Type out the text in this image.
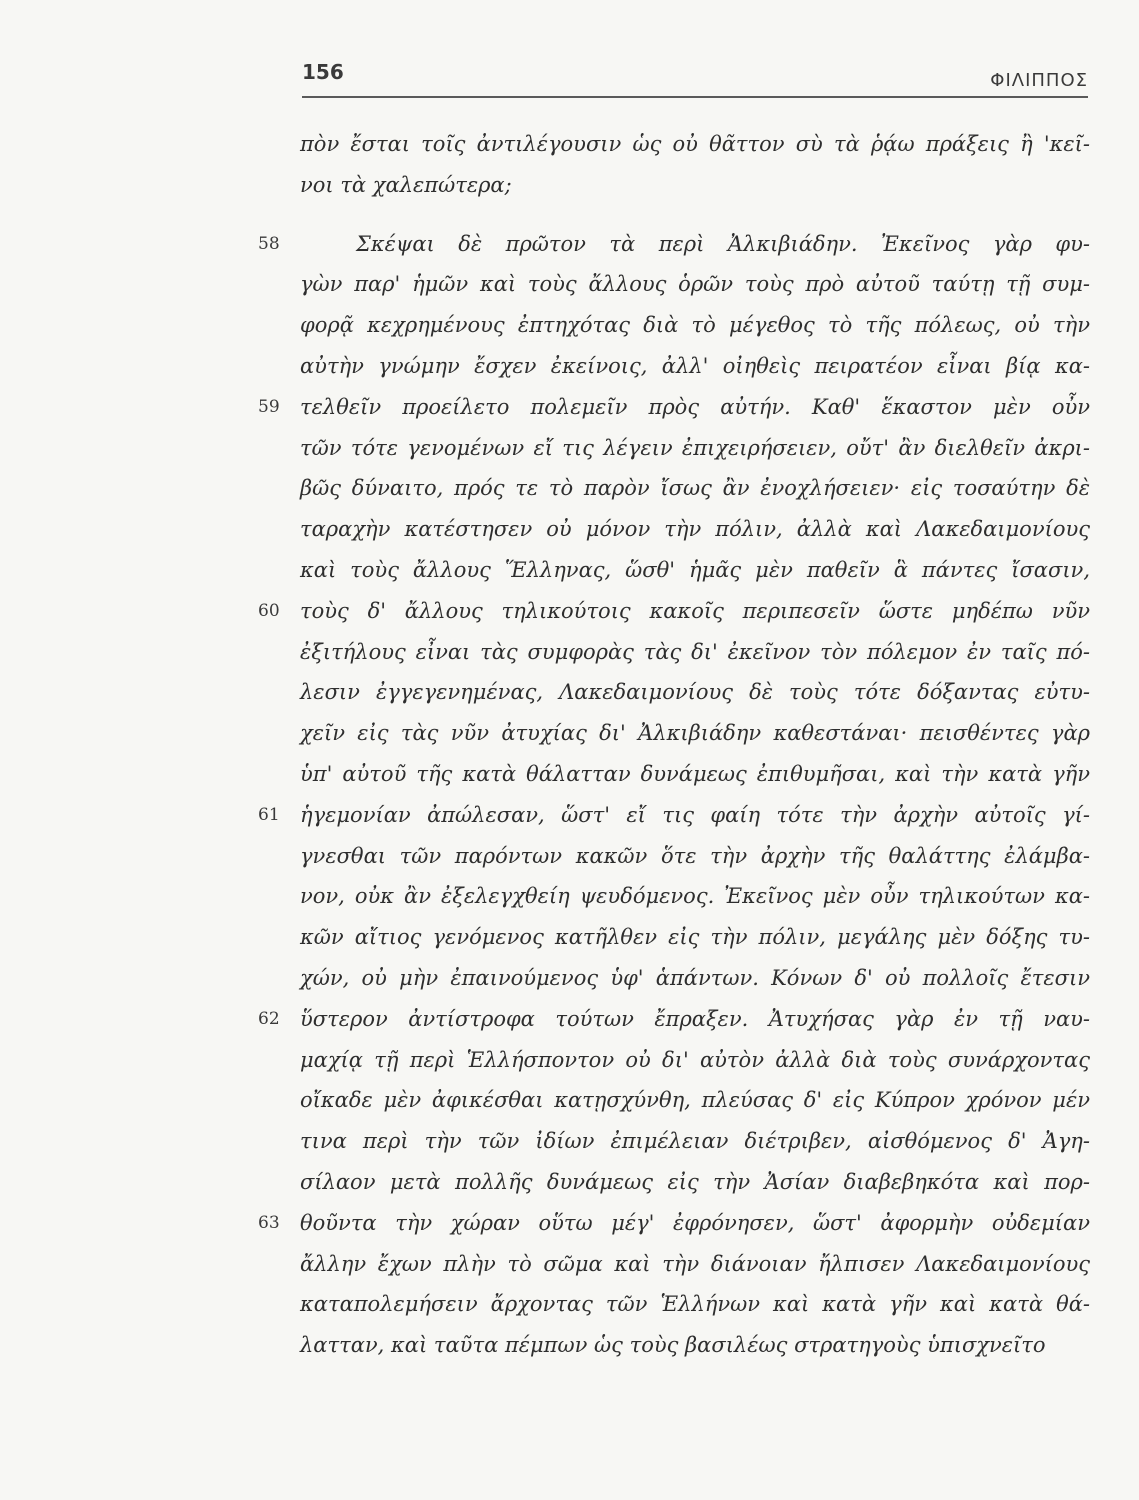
156	ΦΙΛΙΠΠΟΣ
πὸν ἔσται τοῖς ἀντιλέγουσιν ὡς οὐ θᾶττον σὺ τὰ ῥᾴω πράξεις ἢ 'κεῖ-
νοι τὰ χαλεπώτερα;
Σκέψαι δὲ πρῶτον τὰ περὶ Ἀλκιβιάδην. Ἐκεῖνος γὰρ φυ-
γὼν παρ' ἡμῶν καὶ τοὺς ἄλλους ὁρῶν τοὺς πρὸ αὐτοῦ ταύτῃ τῇ συμ-
φορᾷ κεχρημένους ἐπτηχότας διὰ τὸ μέγεθος τὸ τῆς πόλεως, οὐ τὴν
αὐτὴν γνώμην ἔσχεν ἐκείνοις, ἀλλ' οἰηθεὶς πειρατέον εἶναι βίᾳ κα-
τελθεῖν προείλετο πολεμεῖν πρὸς αὐτήν. Καθ' ἕκαστον μὲν οὖν
τῶν τότε γενομένων εἴ τις λέγειν ἐπιχειρήσειεν, οὔτ' ἂν διελθεῖν ἀκρι-
βῶς δύναιτο, πρός τε τὸ παρὸν ἴσως ἂν ἐνοχλήσειεν· εἰς τοσαύτην δὲ
ταραχὴν κατέστησεν οὐ μόνον τὴν πόλιν, ἀλλὰ καὶ Λακεδαιμονίους
καὶ τοὺς ἄλλους Ἕλληνας, ὥσθ' ἡμᾶς μὲν παθεῖν ἃ πάντες ἴσασιν,
τοὺς δ' ἄλλους τηλικούτοις κακοῖς περιπεσεῖν ὥστε μηδέπω νῦν
ἐξιτήλους εἶναι τὰς συμφορὰς τὰς δι' ἐκεῖνον τὸν πόλεμον ἐν ταῖς πό-
λεσιν ἐγγεγενημένας, Λακεδαιμονίους δὲ τοὺς τότε δόξαντας εὐτυ-
χεῖν εἰς τὰς νῦν ἀτυχίας δι' Ἀλκιβιάδην καθεστάναι· πεισθέντες γὰρ
ὑπ' αὐτοῦ τῆς κατὰ θάλατταν δυνάμεως ἐπιθυμῆσαι, καὶ τὴν κατὰ γῆν
ἡγεμονίαν ἀπώλεσαν, ὥστ' εἴ τις φαίη τότε τὴν ἀρχὴν αὐτοῖς γί-
γνεσθαι τῶν παρόντων κακῶν ὅτε τὴν ἀρχὴν τῆς θαλάττης ἐλάμβα-
νον, οὐκ ἂν ἐξελεγχθείη ψευδόμενος. Ἐκεῖνος μὲν οὖν τηλικούτων κα-
κῶν αἴτιος γενόμενος κατῆλθεν εἰς τὴν πόλιν, μεγάλης μὲν δόξης τυ-
χών, οὐ μὴν ἐπαινούμενος ὑφ' ἁπάντων. Κόνων δ' οὐ πολλοῖς ἔτεσιν
ὕστερον ἀντίστροφα τούτων ἔπραξεν. Ἀτυχήσας γὰρ ἐν τῇ ναυ-
μαχίᾳ τῇ περὶ Ἑλλήσποντον οὐ δι' αὐτὸν ἀλλὰ διὰ τοὺς συνάρχοντας
οἴκαδε μὲν ἀφικέσθαι κατῃσχύνθη, πλεύσας δ' εἰς Κύπρον χρόνον μέν
τινα περὶ τὴν τῶν ἰδίων ἐπιμέλειαν διέτριβεν, αἰσθόμενος δ' Ἀγη-
σίλαον μετὰ πολλῆς δυνάμεως εἰς τὴν Ἀσίαν διαβεβηκότα καὶ πορ-
θοῦντα τὴν χώραν οὕτω μέγ' ἐφρόνησεν, ὥστ' ἀφορμὴν οὐδεμίαν
ἄλλην ἔχων πλὴν τὸ σῶμα καὶ τὴν διάνοιαν ἤλπισεν Λακεδαιμονίους
καταπολεμήσειν ἄρχοντας τῶν Ἑλλήνων καὶ κατὰ γῆν καὶ κατὰ θά-
λατταν, καὶ ταῦτα πέμπων ὡς τοὺς βασιλέως στρατηγοὺς ὑπισχνεῖτο
58
59
60
61
62
63
